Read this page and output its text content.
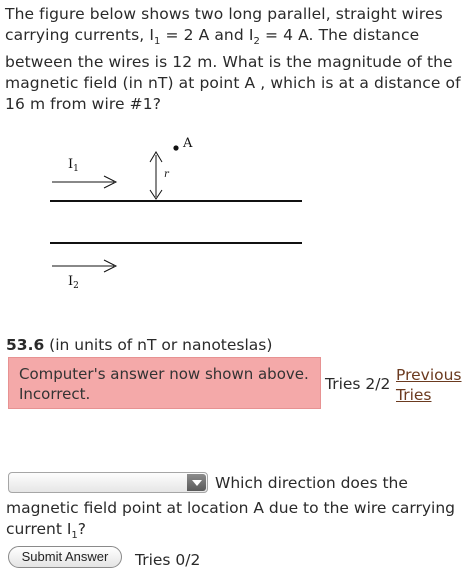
The figure below shows two long parallel, straight wires carrying currents, $I_1 = 2$ A and $I_2 = 4$ A. The distance between the wires is 12 m. What is the magnitude of the magnetic field (in nT) at point A , which is at a distance of 16 m from wire #1?
A
r
$I_1$
$I_2$
53.6 (in units of nT or nanoteslas)
Computer's answer now shown above.
Incorrect.
Tries 2/2 Previous
Tries
Which direction does the
magnetic field point at location A due to the wire carrying current $I_1$?
Submit Answer	Tries 0/2
